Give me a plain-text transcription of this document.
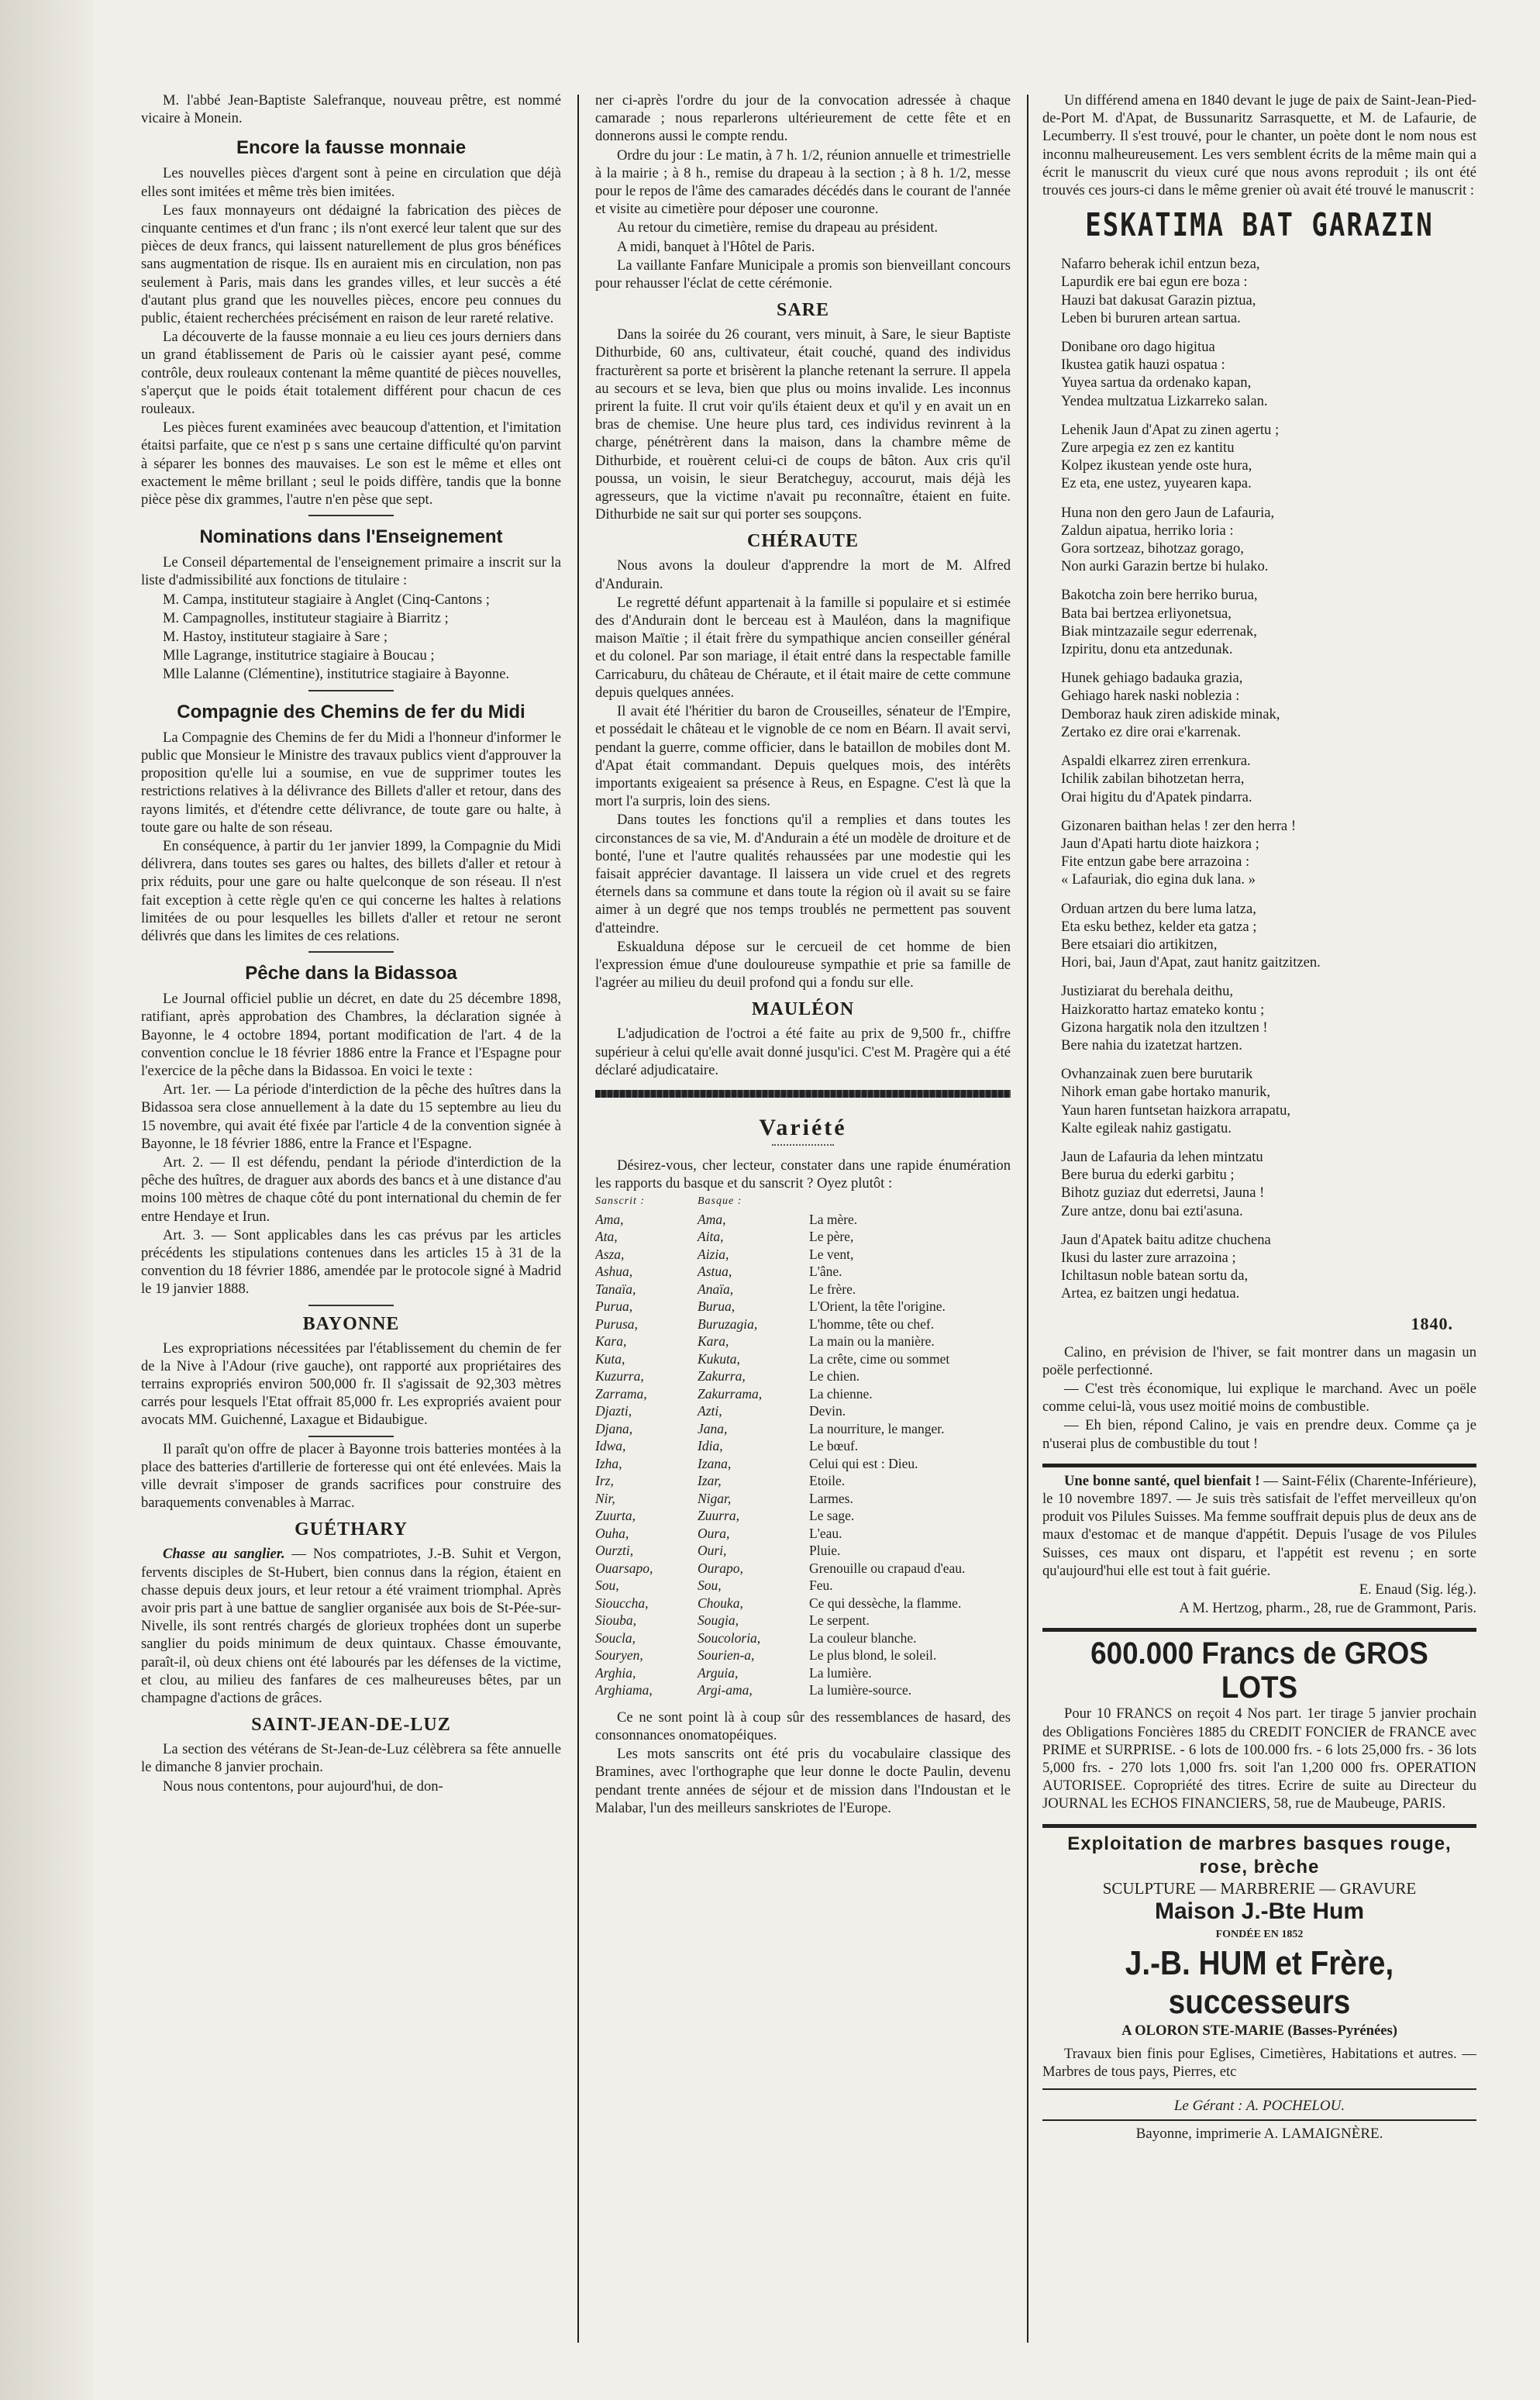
M. l'abbé Jean-Baptiste Salefranque, nouveau prêtre, est nommé vicaire à Monein.

Encore la fausse monnaie

Les nouvelles pièces d'argent sont à peine en circulation que déjà elles sont imitées et même très bien imitées.

Les faux monnayeurs ont dédaigné la fabrication des pièces de cinquante centimes et d'un franc ; ils n'ont exercé leur talent que sur des pièces de deux francs, qui laissent naturellement de plus gros bénéfices sans augmentation de risque. Ils en auraient mis en circulation, non pas seulement à Paris, mais dans les grandes villes, et leur succès a été d'autant plus grand que les nouvelles pièces, encore peu connues du public, étaient recherchées précisément en raison de leur rareté relative.

La découverte de la fausse monnaie a eu lieu ces jours derniers dans un grand établissement de Paris où le caissier ayant pesé, comme contrôle, deux rouleaux contenant la même quantité de pièces nouvelles, s'aperçut que le poids était totalement différent pour chacun de ces rouleaux.

Les pièces furent examinées avec beaucoup d'attention, et l'imitation étaitsi parfaite, que ce n'est p s sans une certaine difficulté qu'on parvint à séparer les bonnes des mauvaises. Le son est le même et elles ont exactement le même brillant ; seul le poids diffère, tandis que la bonne pièce pèse dix grammes, l'autre n'en pèse que sept.

Nominations dans l'Enseignement

Le Conseil départemental de l'enseignement primaire a inscrit sur la liste d'admissibilité aux fonctions de titulaire :

M. Campa, instituteur stagiaire à Anglet (Cinq-Cantons ;

M. Campagnolles, instituteur stagiaire à Biarritz ;

M. Hastoy, instituteur stagiaire à Sare ;

Mlle Lagrange, institutrice stagiaire à Boucau ;

Mlle Lalanne (Clémentine), institutrice stagiaire à Bayonne.

Compagnie des Chemins de fer du Midi

La Compagnie des Chemins de fer du Midi a l'honneur d'informer le public que Monsieur le Ministre des travaux publics vient d'approuver la proposition qu'elle lui a soumise, en vue de supprimer toutes les restrictions relatives à la délivrance des Billets d'aller et retour, dans des rayons limités, et d'étendre cette délivrance, de toute gare ou halte, à toute gare ou halte de son réseau.

En conséquence, à partir du 1er janvier 1899, la Compagnie du Midi délivrera, dans toutes ses gares ou haltes, des billets d'aller et retour à prix réduits, pour une gare ou halte quelconque de son réseau. Il n'est fait exception à cette règle qu'en ce qui concerne les haltes à relations limitées de ou pour lesquelles les billets d'aller et retour ne seront délivrés que dans les limites de ces relations.

Pêche dans la Bidassoa

Le Journal officiel publie un décret, en date du 25 décembre 1898, ratifiant, après approbation des Chambres, la déclaration signée à Bayonne, le 4 octobre 1894, portant modification de l'art. 4 de la convention conclue le 18 février 1886 entre la France et l'Espagne pour l'exercice de la pêche dans la Bidassoa. En voici le texte :

Art. 1er. — La période d'interdiction de la pêche des huîtres dans la Bidassoa sera close annuellement à la date du 15 septembre au lieu du 15 novembre, qui avait été fixée par l'article 4 de la convention signée à Bayonne, le 18 février 1886, entre la France et l'Espagne.

Art. 2. — Il est défendu, pendant la période d'interdiction de la pêche des huîtres, de draguer aux abords des bancs et à une distance d'au moins 100 mètres de chaque côté du pont international du chemin de fer entre Hendaye et Irun.

Art. 3. — Sont applicables dans les cas prévus par les articles précédents les stipulations contenues dans les articles 15 à 31 de la convention du 18 février 1886, amendée par le protocole signé à Madrid le 19 janvier 1888.

BAYONNE

Les expropriations nécessitées par l'établissement du chemin de fer de la Nive à l'Adour (rive gauche), ont rapporté aux propriétaires des terrains expropriés environ 500,000 fr. Il s'agissait de 92,303 mètres carrés pour lesquels l'Etat offrait 85,000 fr. Les expropriés avaient pour avocats MM. Guichenné, Laxague et Bidaubigue.

Il paraît qu'on offre de placer à Bayonne trois batteries montées à la place des batteries d'artillerie de forteresse qui ont été enlevées. Mais la ville devrait s'imposer de grands sacrifices pour construire des baraquements convenables à Marrac.

GUÉTHARY

Chasse au sanglier. — Nos compatriotes, J.-B. Suhit et Vergon, fervents disciples de St-Hubert, bien connus dans la région, étaient en chasse depuis deux jours, et leur retour a été vraiment triomphal. Après avoir pris part à une battue de sanglier organisée aux bois de St-Pée-sur-Nivelle, ils sont rentrés chargés de glorieux trophées dont un superbe sanglier du poids minimum de deux quintaux. Chasse émouvante, paraît-il, où deux chiens ont été labourés par les défenses de la victime, et clou, au milieu des fanfares de ces malheureuses bêtes, par un champagne d'actions de grâces.

SAINT-JEAN-DE-LUZ

La section des vétérans de St-Jean-de-Luz célèbrera sa fête annuelle le dimanche 8 janvier prochain.

Nous nous contentons, pour aujourd'hui, de don-

ner ci-après l'ordre du jour de la convocation adressée à chaque camarade ; nous reparlerons ultérieurement de cette fête et en donnerons aussi le compte rendu.

Ordre du jour : Le matin, à 7 h. 1/2, réunion annuelle et trimestrielle à la mairie ; à 8 h., remise du drapeau à la section ; à 8 h. 1/2, messe pour le repos de l'âme des camarades décédés dans le courant de l'année et visite au cimetière pour déposer une couronne.

Au retour du cimetière, remise du drapeau au président.

A midi, banquet à l'Hôtel de Paris.

La vaillante Fanfare Municipale a promis son bienveillant concours pour rehausser l'éclat de cette cérémonie.

SARE

Dans la soirée du 26 courant, vers minuit, à Sare, le sieur Baptiste Dithurbide, 60 ans, cultivateur, était couché, quand des individus fracturèrent sa porte et brisèrent la planche retenant la serrure. Il appela au secours et se leva, bien que plus ou moins invalide. Les inconnus prirent la fuite. Il crut voir qu'ils étaient deux et qu'il y en avait un en bras de chemise. Une heure plus tard, ces individus revinrent à la charge, pénétrèrent dans la maison, dans la chambre même de Dithurbide, et rouèrent celui-ci de coups de bâton. Aux cris qu'il poussa, un voisin, le sieur Beratcheguy, accourut, mais déjà les agresseurs, que la victime n'avait pu reconnaître, étaient en fuite. Dithurbide ne sait sur qui porter ses soupçons.

CHÉRAUTE

Nous avons la douleur d'apprendre la mort de M. Alfred d'Andurain.

Le regretté défunt appartenait à la famille si populaire et si estimée des d'Andurain dont le berceau est à Mauléon, dans la magnifique maison Maïtie ; il était frère du sympathique ancien conseiller général et du colonel. Par son mariage, il était entré dans la respectable famille Carricaburu, du château de Chéraute, et il était maire de cette commune depuis quelques années.

Il avait été l'héritier du baron de Crouseilles, sénateur de l'Empire, et possédait le château et le vignoble de ce nom en Béarn. Il avait servi, pendant la guerre, comme officier, dans le bataillon de mobiles dont M. d'Apat était commandant. Depuis quelques mois, des intérêts importants exigeaient sa présence à Reus, en Espagne. C'est là que la mort l'a surpris, loin des siens.

Dans toutes les fonctions qu'il a remplies et dans toutes les circonstances de sa vie, M. d'Andurain a été un modèle de droiture et de bonté, l'une et l'autre qualités rehaussées par une modestie qui les faisait apprécier davantage. Il laissera un vide cruel et des regrets éternels dans sa commune et dans toute la région où il avait su se faire aimer à un degré que nos temps troublés ne permettent pas souvent d'atteindre.

Eskualduna dépose sur le cercueil de cet homme de bien l'expression émue d'une douloureuse sympathie et prie sa famille de l'agréer au milieu du deuil profond qui a fondu sur elle.

MAULÉON

L'adjudication de l'octroi a été faite au prix de 9,500 fr., chiffre supérieur à celui qu'elle avait donné jusqu'ici. C'est M. Pragère qui a été déclaré adjudicataire.

Variété

Désirez-vous, cher lecteur, constater dans une rapide énumération les rapports du basque et du sanscrit ? Oyez plutôt :

Sanscrit :	Basque :
Ama,	Ama,	La mère.
Ata,	Aita,	Le père,
Asza,	Aizia,	Le vent,
Ashua,	Astua,	L'âne.
Tanaïa,	Anaïa,	Le frère.
Purua,	Burua,	L'Orient, la tête l'origine.
Purusa,	Buruzagia,	L'homme, tête ou chef.
Kara,	Kara,	La main ou la manière.
Kuta,	Kukuta,	La crête, cime ou sommet
Kuzurra,	Zakurra,	Le chien.
Zarrama,	Zakurrama,	La chienne.
Djazti,	Azti,	Devin.
Djana,	Jana,	La nourriture, le manger.
Idwa,	Idia,	Le bœuf.
Izha,	Izana,	Celui qui est : Dieu.
Irz,	Izar,	Etoile.
Nir,	Nigar,	Larmes.
Zuurta,	Zuurra,	Le sage.
Ouha,	Oura,	L'eau.
Ourzti,	Ouri,	Pluie.
Ouarsapo,	Ourapo,	Grenouille ou crapaud d'eau.
Sou,	Sou,	Feu.
Siouccha,	Chouka,	Ce qui dessèche, la flamme.
Siouba,	Sougia,	Le serpent.
Soucla,	Soucoloria,	La couleur blanche.
Souryen,	Sourien-a,	Le plus blond, le soleil.
Arghia,	Arguia,	La lumière.
Arghiama,	Argi-ama,	La lumière-source.

Ce ne sont point là à coup sûr des ressemblances de hasard, des consonnances onomatopéiques.

Les mots sanscrits ont été pris du vocabulaire classique des Bramines, avec l'orthographe que leur donne le docte Paulin, devenu pendant trente années de séjour et de mission dans l'Indoustan et le Malabar, l'un des meilleurs sanskriotes de l'Europe.

Un différend amena en 1840 devant le juge de paix de Saint-Jean-Pied-de-Port M. d'Apat, de Bussunaritz Sarrasquette, et M. de Lafaurie, de Lecumberry. Il s'est trouvé, pour le chanter, un poète dont le nom nous est inconnu malheureusement. Les vers semblent écrits de la même main qui a écrit le manuscrit du vieux curé que nous avons reproduit ; ils ont été trouvés ces jours-ci dans le même grenier où avait été trouvé le manuscrit :

ESKATIMA BAT GARAZIN
Nafarro beherak ichil entzun beza,
Lapurdik ere bai egun ere boza :
Hauzi bat dakusat Garazin piztua,
Leben bi bururen artean sartua.
Donibane oro dago higitua
Ikustea gatik hauzi ospatua :
Yuyea sartua da ordenako kapan,
Yendea multzatua Lizkarreko salan.
Lehenik Jaun d'Apat zu zinen agertu ;
Zure arpegia ez zen ez kantitu
Kolpez ikustean yende oste hura,
Ez eta, ene ustez, yuyearen kapa.
Huna non den gero Jaun de Lafauria,
Zaldun aipatua, herriko loria :
Gora sortzeaz, bihotzaz gorago,
Non aurki Garazin bertze bi hulako.
Bakotcha zoin bere herriko burua,
Bata bai bertzea erliyonetsua,
Biak mintzazaile segur ederrenak,
Izpiritu, donu eta antzedunak.
Hunek gehiago badauka grazia,
Gehiago harek naski noblezia :
Demboraz hauk ziren adiskide minak,
Zertako ez dire orai e'karrenak.
Aspaldi elkarrez ziren errenkura.
Ichilik zabilan bihotzetan herra,
Orai higitu du d'Apatek pindarra.
Gizonaren baithan helas ! zer den herra !
Jaun d'Apati hartu diote haizkora ;
Fite entzun gabe bere arrazoina :
« Lafauriak, dio egina duk lana. »
Orduan artzen du bere luma latza,
Eta esku bethez, kelder eta gatza ;
Bere etsaiari dio artikitzen,
Hori, bai, Jaun d'Apat, zaut hanitz gaitzitzen.
Justiziarat du berehala deithu,
Haizkoratto hartaz emateko kontu ;
Gizona hargatik nola den itzultzen !
Bere nahia du izatetzat hartzen.
Ovhanzainak zuen bere burutarik
Nihork eman gabe hortako manurik,
Yaun haren funtsetan haizkora arrapatu,
Kalte egileak nahiz gastigatu.
Jaun de Lafauria da lehen mintzatu
Bere burua du ederki garbitu ;
Bihotz guziaz dut ederretsi, Jauna !
Zure antze, donu bai ezti'asuna.
Jaun d'Apatek baitu aditze chuchena
Ikusi du laster zure arrazoina ;
Ichiltasun noble batean sortu da,
Artea, ez baitzen ungi hedatua.
1840.

Calino, en prévision de l'hiver, se fait montrer dans un magasin un poële perfectionné.

— C'est très économique, lui explique le marchand. Avec un poële comme celui-là, vous usez moitié moins de combustible.

— Eh bien, répond Calino, je vais en prendre deux. Comme ça je n'userai plus de combustible du tout !

Une bonne santé, quel bienfait ! — Saint-Félix (Charente-Inférieure), le 10 novembre 1897. — Je suis très satisfait de l'effet merveilleux qu'on produit vos Pilules Suisses. Ma femme souffrait depuis plus de deux ans de maux d'estomac et de manque d'appétit. Depuis l'usage de vos Pilules Suisses, ces maux ont disparu, et l'appétit est revenu ; en sorte qu'aujourd'hui elle est tout à fait guérie.

E. Enaud (Sig. lég.).

A M. Hertzog, pharm., 28, rue de Grammont, Paris.

600.000 Francs de GROS LOTS

Pour 10 FRANCS on reçoit 4 Nos part. 1er tirage 5 janvier prochain des Obligations Foncières 1885 du CREDIT FONCIER de FRANCE avec PRIME et SURPRISE. - 6 lots de 100.000 frs. - 6 lots 25,000 frs. - 36 lots 5,000 frs. - 270 lots 1,000 frs. soit l'an 1,200 000 frs. OPERATION AUTORISEE. Copropriété des titres. Ecrire de suite au Directeur du JOURNAL les ECHOS FINANCIERS, 58, rue de Maubeuge, PARIS.

Exploitation de marbres basques rouge, rose, brèche
SCULPTURE — MARBRERIE — GRAVURE
Maison J.-Bte Hum
FONDÉE EN 1852
J.-B. HUM et Frère, successeurs
A OLORON STE-MARIE (Basses-Pyrénées)

Travaux bien finis pour Eglises, Cimetières, Habitations et autres. — Marbres de tous pays, Pierres, etc

Le Gérant : A. POCHELOU.
Bayonne, imprimerie A. LAMAIGNÈRE.
